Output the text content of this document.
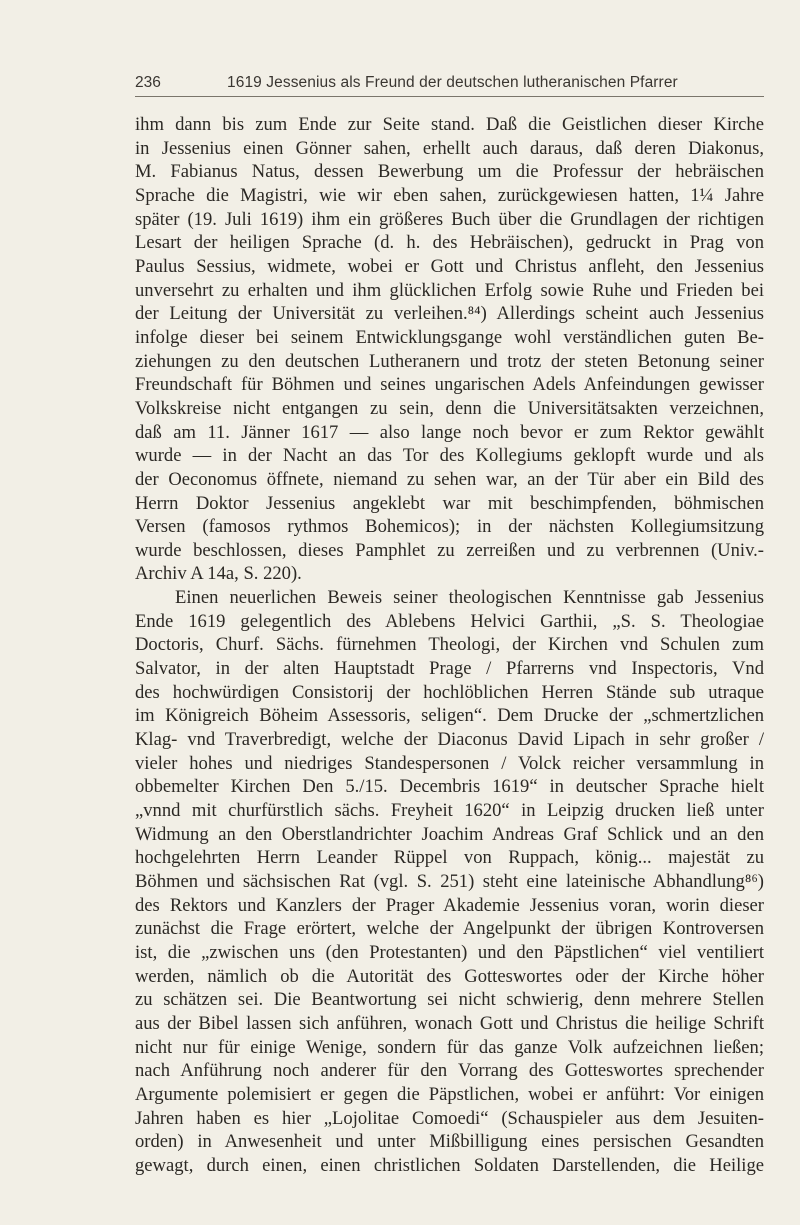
236	1619 Jessenius als Freund der deutschen lutheranischen Pfarrer
ihm dann bis zum Ende zur Seite stand. Daß die Geistlichen dieser Kirche
in Jessenius einen Gönner sahen, erhellt auch daraus, daß deren Diakonus,
M. Fabianus Natus, dessen Bewerbung um die Professur der hebräischen
Sprache die Magistri, wie wir eben sahen, zurückgewiesen hatten, 1¼ Jahre
später (19. Juli 1619) ihm ein größeres Buch über die Grundlagen der richtigen
Lesart der heiligen Sprache (d. h. des Hebräischen), gedruckt in Prag von
Paulus Sessius, widmete, wobei er Gott und Christus anfleht, den Jessenius
unversehrt zu erhalten und ihm glücklichen Erfolg sowie Ruhe und Frieden bei
der Leitung der Universität zu verleihen.⁸⁴) Allerdings scheint auch Jessenius
infolge dieser bei seinem Entwicklungsgange wohl verständlichen guten Be-
ziehungen zu den deutschen Lutheranern und trotz der steten Betonung seiner
Freundschaft für Böhmen und seines ungarischen Adels Anfeindungen gewisser
Volkskreise nicht entgangen zu sein, denn die Universitätsakten verzeichnen,
daß am 11. Jänner 1617 — also lange noch bevor er zum Rektor gewählt
wurde — in der Nacht an das Tor des Kollegiums geklopft wurde und als
der Oeconomus öffnete, niemand zu sehen war, an der Tür aber ein Bild des
Herrn Doktor Jessenius angeklebt war mit beschimpfenden, böhmischen
Versen (famosos rythmos Bohemicos); in der nächsten Kollegiumsitzung
wurde beschlossen, dieses Pamphlet zu zerreißen und zu verbrennen (Univ.-
Archiv A 14a, S. 220).
Einen neuerlichen Beweis seiner theologischen Kenntnisse gab Jessenius
Ende 1619 gelegentlich des Ablebens Helvici Garthii, „S. S. Theologiae
Doctoris, Churf. Sächs. fürnehmen Theologi, der Kirchen vnd Schulen zum
Salvator, in der alten Hauptstadt Prage / Pfarrerns vnd Inspectoris, Vnd
des hochwürdigen Consistorij der hochlöblichen Herren Stände sub utraque
im Königreich Böheim Assessoris, seligen“. Dem Drucke der „schmertzlichen
Klag- vnd Traverbredigt, welche der Diaconus David Lipach in sehr großer /
vieler hohes und niedriges Standespersonen / Volck reicher versammlung in
obbemelter Kirchen Den 5./15. Decembris 1619“ in deutscher Sprache hielt
„vnnd mit churfürstlich sächs. Freyheit 1620“ in Leipzig drucken ließ unter
Widmung an den Oberstlandrichter Joachim Andreas Graf Schlick und an den
hochgelehrten Herrn Leander Rüppel von Ruppach, könig... majestät zu
Böhmen und sächsischen Rat (vgl. S. 251) steht eine lateinische Abhandlung⁸⁶)
des Rektors und Kanzlers der Prager Akademie Jessenius voran, worin dieser
zunächst die Frage erörtert, welche der Angelpunkt der übrigen Kontroversen
ist, die „zwischen uns (den Protestanten) und den Päpstlichen“ viel ventiliert
werden, nämlich ob die Autorität des Gotteswortes oder der Kirche höher
zu schätzen sei. Die Beantwortung sei nicht schwierig, denn mehrere Stellen
aus der Bibel lassen sich anführen, wonach Gott und Christus die heilige Schrift
nicht nur für einige Wenige, sondern für das ganze Volk aufzeichnen ließen;
nach Anführung noch anderer für den Vorrang des Gotteswortes sprechender
Argumente polemisiert er gegen die Päpstlichen, wobei er anführt: Vor einigen
Jahren haben es hier „Lojolitae Comoedi“ (Schauspieler aus dem Jesuiten-
orden) in Anwesenheit und unter Mißbilligung eines persischen Gesandten
gewagt, durch einen, einen christlichen Soldaten Darstellenden, die Heilige
